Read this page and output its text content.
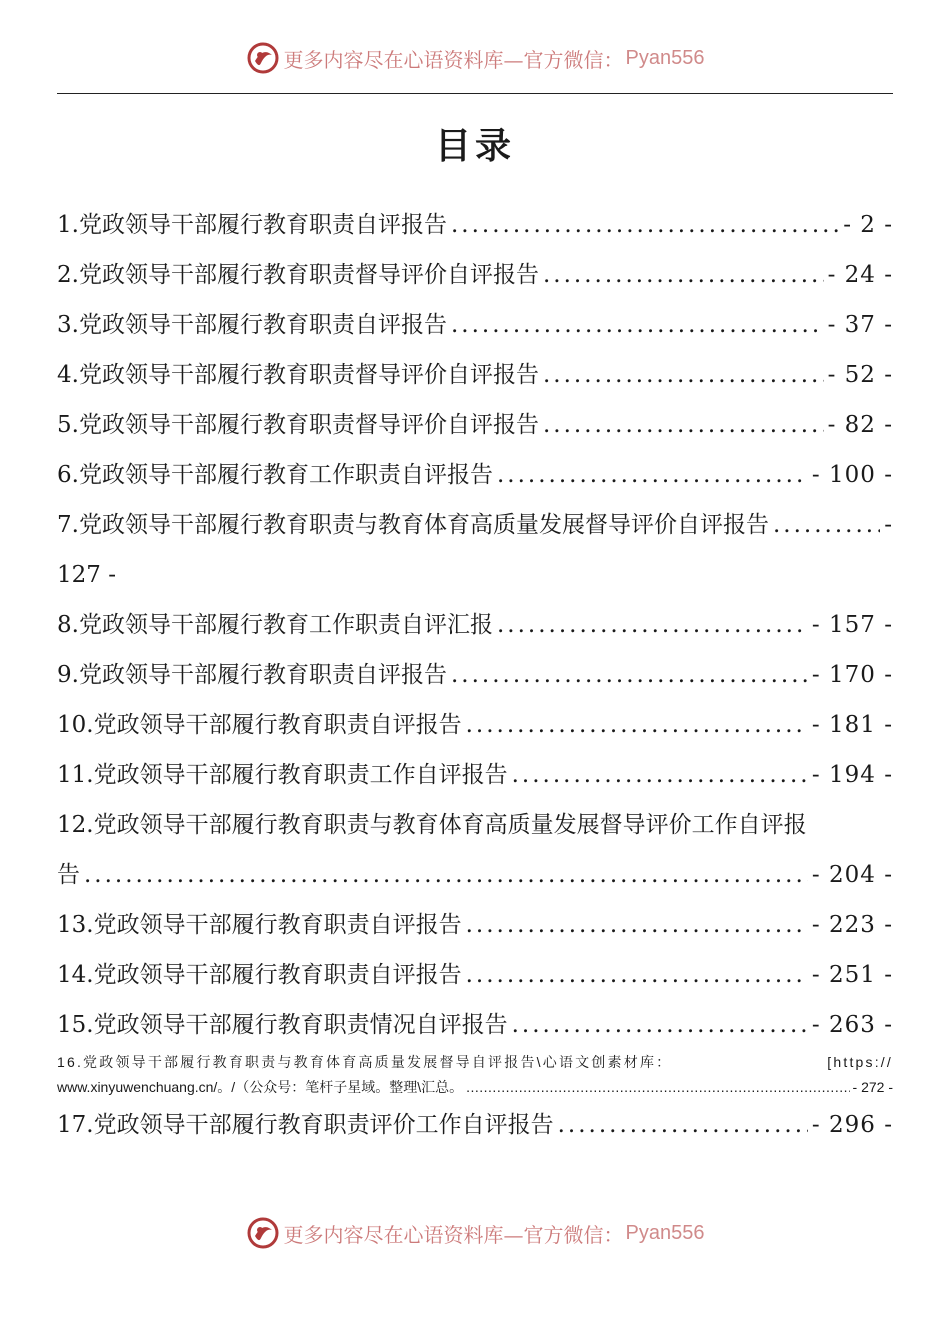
更多内容尽在心语资料库—官方微信： Pyan556
目录
1.党政领导干部履行教育职责自评报告 .....	- 2 -
2.党政领导干部履行教育职责督导评价自评报告 .....	- 24 -
3.党政领导干部履行教育职责自评报告 .....	- 37 -
4.党政领导干部履行教育职责督导评价自评报告 .....	- 52 -
5.党政领导干部履行教育职责督导评价自评报告 .....	- 82 -
6.党政领导干部履行教育工作职责自评报告 .....	- 100 -
7.党政领导干部履行教育职责与教育体育高质量发展督导评价自评报告 .....	-
127 -
8.党政领导干部履行教育工作职责自评汇报 .....	- 157 -
9.党政领导干部履行教育职责自评报告 .....	- 170 -
10.党政领导干部履行教育职责自评报告 .....	- 181 -
11.党政领导干部履行教育职责工作自评报告 .....	- 194 -
12.党政领导干部履行教育职责与教育体育高质量发展督导评价工作自评报
告 .....	- 204 -
13.党政领导干部履行教育职责自评报告 .....	- 223 -
14.党政领导干部履行教育职责自评报告 .....	- 251 -
15.党政领导干部履行教育职责情况自评报告 .....	- 263 -
16.党政领导干部履行教育职责与教育体育高质量发展督导自评报告\心语文创素材库：	[https://
www.xinyuwenchuang.cn/。/（公众号：笔杆子星域。整理\汇总。 .....	- 272 -
17.党政领导干部履行教育职责评价工作自评报告 .....	- 296 -
更多内容尽在心语资料库—官方微信： Pyan556
